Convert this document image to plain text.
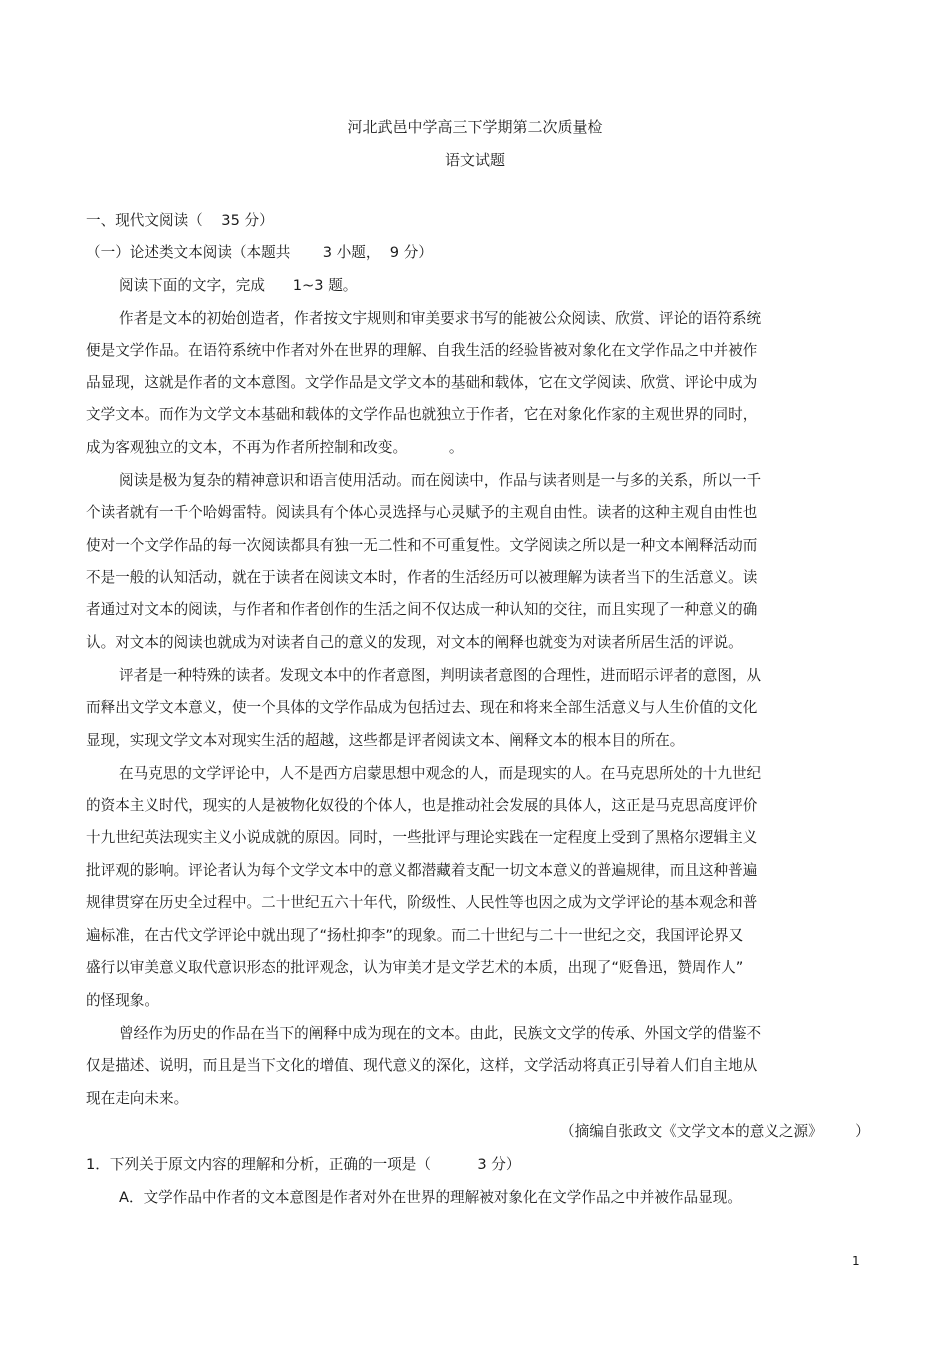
河北武邑中学高三下学期第二次质量检
语文试题
一、现代文阅读（    35 分）
（一）论述类文本阅读（本题共       3 小题，  9 分）
阅读下面的文字，完成      1~3 题。
作者是文本的初始创造者，作者按文宇规则和审美要求书写的能被公众阅读、欣赏、评论的语符系统
便是文学作品。在语符系统中作者对外在世界的理解、自我生活的经验皆被对象化在文学作品之中并被作
品显现，这就是作者的文本意图。文学作品是文学文本的基础和载体，它在文学阅读、欣赏、评论中成为
文学文本。而作为文学文本基础和载体的文学作品也就独立于作者，它在对象化作家的主观世界的同时，
成为客观独立的文本，不再为作者所控制和改变。         。
阅读是极为复杂的精神意识和语言使用活动。而在阅读中，作品与读者则是一与多的关系，所以一千
个读者就有一千个哈姆雷特。阅读具有个体心灵选择与心灵赋予的主观自由性。读者的这种主观自由性也
使对一个文学作品的每一次阅读都具有独一无二性和不可重复性。文学阅读之所以是一种文本阐释活动而
不是一般的认知活动，就在于读者在阅读文本时，作者的生活经历可以被理解为读者当下的生活意义。读
者通过对文本的阅读，与作者和作者创作的生活之间不仅达成一种认知的交往，而且实现了一种意义的确
认。对文本的阅读也就成为对读者自己的意义的发现，对文本的阐释也就变为对读者所居生活的评说。
评者是一种特殊的读者。发现文本中的作者意图，判明读者意图的合理性，进而昭示评者的意图，从
而释出文学文本意义，使一个具体的文学作品成为包括过去、现在和将来全部生活意义与人生价值的文化
显现，实现文学文本对现实生活的超越，这些都是评者阅读文本、阐释文本的根本目的所在。
在马克思的文学评论中，人不是西方启蒙思想中观念的人，而是现实的人。在马克思所处的十九世纪
的资本主义时代，现实的人是被物化奴役的个体人，也是推动社会发展的具体人，这正是马克思高度评价
十九世纪英法现实主义小说成就的原因。同时，一些批评与理论实践在一定程度上受到了黑格尔逻辑主义
批评观的影响。评论者认为每个文学文本中的意义都潜藏着支配一切文本意义的普遍规律，而且这种普遍
规律贯穿在历史全过程中。二十世纪五六十年代，阶级性、人民性等也因之成为文学评论的基本观念和普
遍标准，在古代文学评论中就出现了“扬杜抑李”的现象。而二十世纪与二十一世纪之交，我国评论界又
盛行以审美意义取代意识形态的批评观念，认为审美才是文学艺术的本质，出现了“贬鲁迅，赞周作人”
的怪现象。
曾经作为历史的作品在当下的阐释中成为现在的文本。由此，民族文文学的传承、外国文学的借鉴不
仅是描述、说明，而且是当下文化的增值、现代意义的深化，这样，文学活动将真正引导着人们自主地从
现在走向未来。
（摘编自张政文《文学文本的意义之源》       ）
1．下列关于原文内容的理解和分析，正确的一项是（          3 分）
A．文学作品中作者的文本意图是作者对外在世界的理解被对象化在文学作品之中并被作品显现。
1
